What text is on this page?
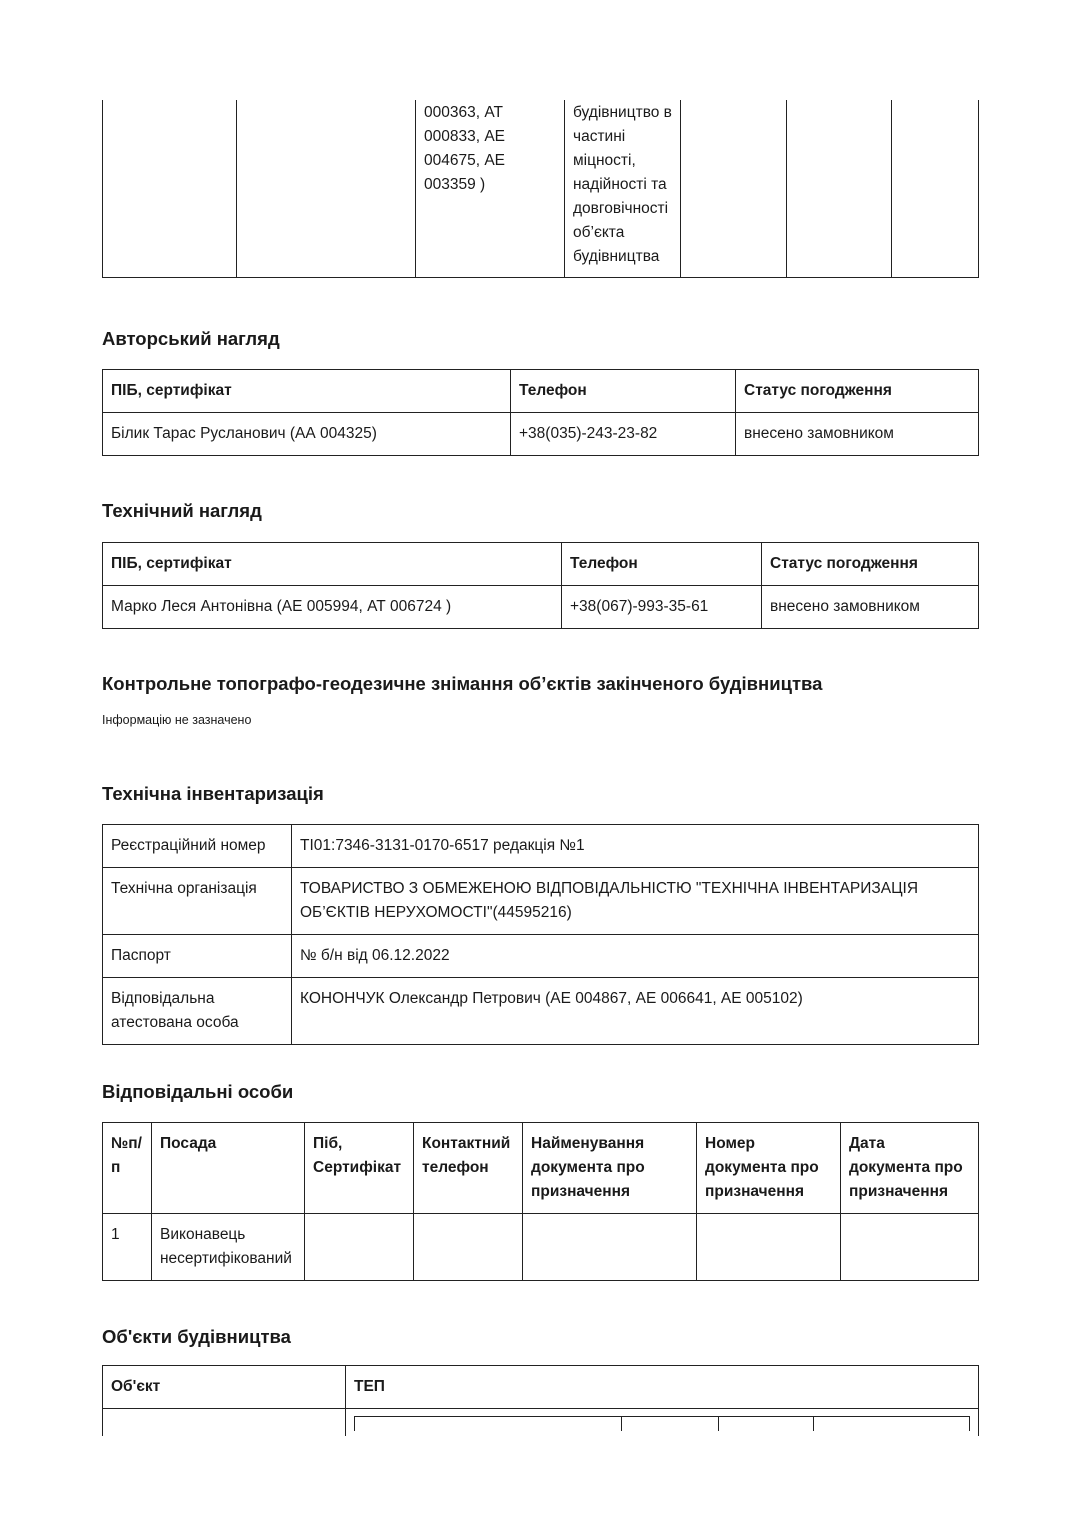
		000363, АТ 000833, АЕ 004675, АЕ 003359 )	будівництво в частині міцності, надійності та довговічності об’єкта будівництва			
Авторський нагляд
ПІБ, сертифікат	Телефон	Статус погодження
Білик Тарас Русланович (АА 004325)	+38(035)-243-23-82	внесено замовником
Технічний нагляд
ПІБ, сертифікат	Телефон	Статус погодження
Марко Леся Антонівна (АЕ 005994, АТ 006724 )	+38(067)-993-35-61	внесено замовником
Контрольне топографо-геодезичне знімання об’єктів закінченого будівництва
Інформацію не зазначено
Технічна інвентаризація
Реєстраційний номер	ТІ01:7346-3131-0170-6517 редакція №1
Технічна організація	ТОВАРИСТВО З ОБМЕЖЕНОЮ ВІДПОВІДАЛЬНІСТЮ "ТЕХНІЧНА ІНВЕНТАРИЗАЦІЯ ОБ’ЄКТІВ НЕРУХОМОСТІ"(44595216)
Паспорт	№ б/н від 06.12.2022
Відповідальна атестована особа	КОНОНЧУК Олександр Петрович (АЕ 004867, АЕ 006641, АЕ 005102)
Відповідальні особи
№п/п	Посада	Піб, Сертифікат	Контактний телефон	Найменування документа про призначення	Номер документа про призначення	Дата документа про призначення
1	Виконавець несертифікований					
Об'єкти будівництва
Об'єкт	ТЕП
